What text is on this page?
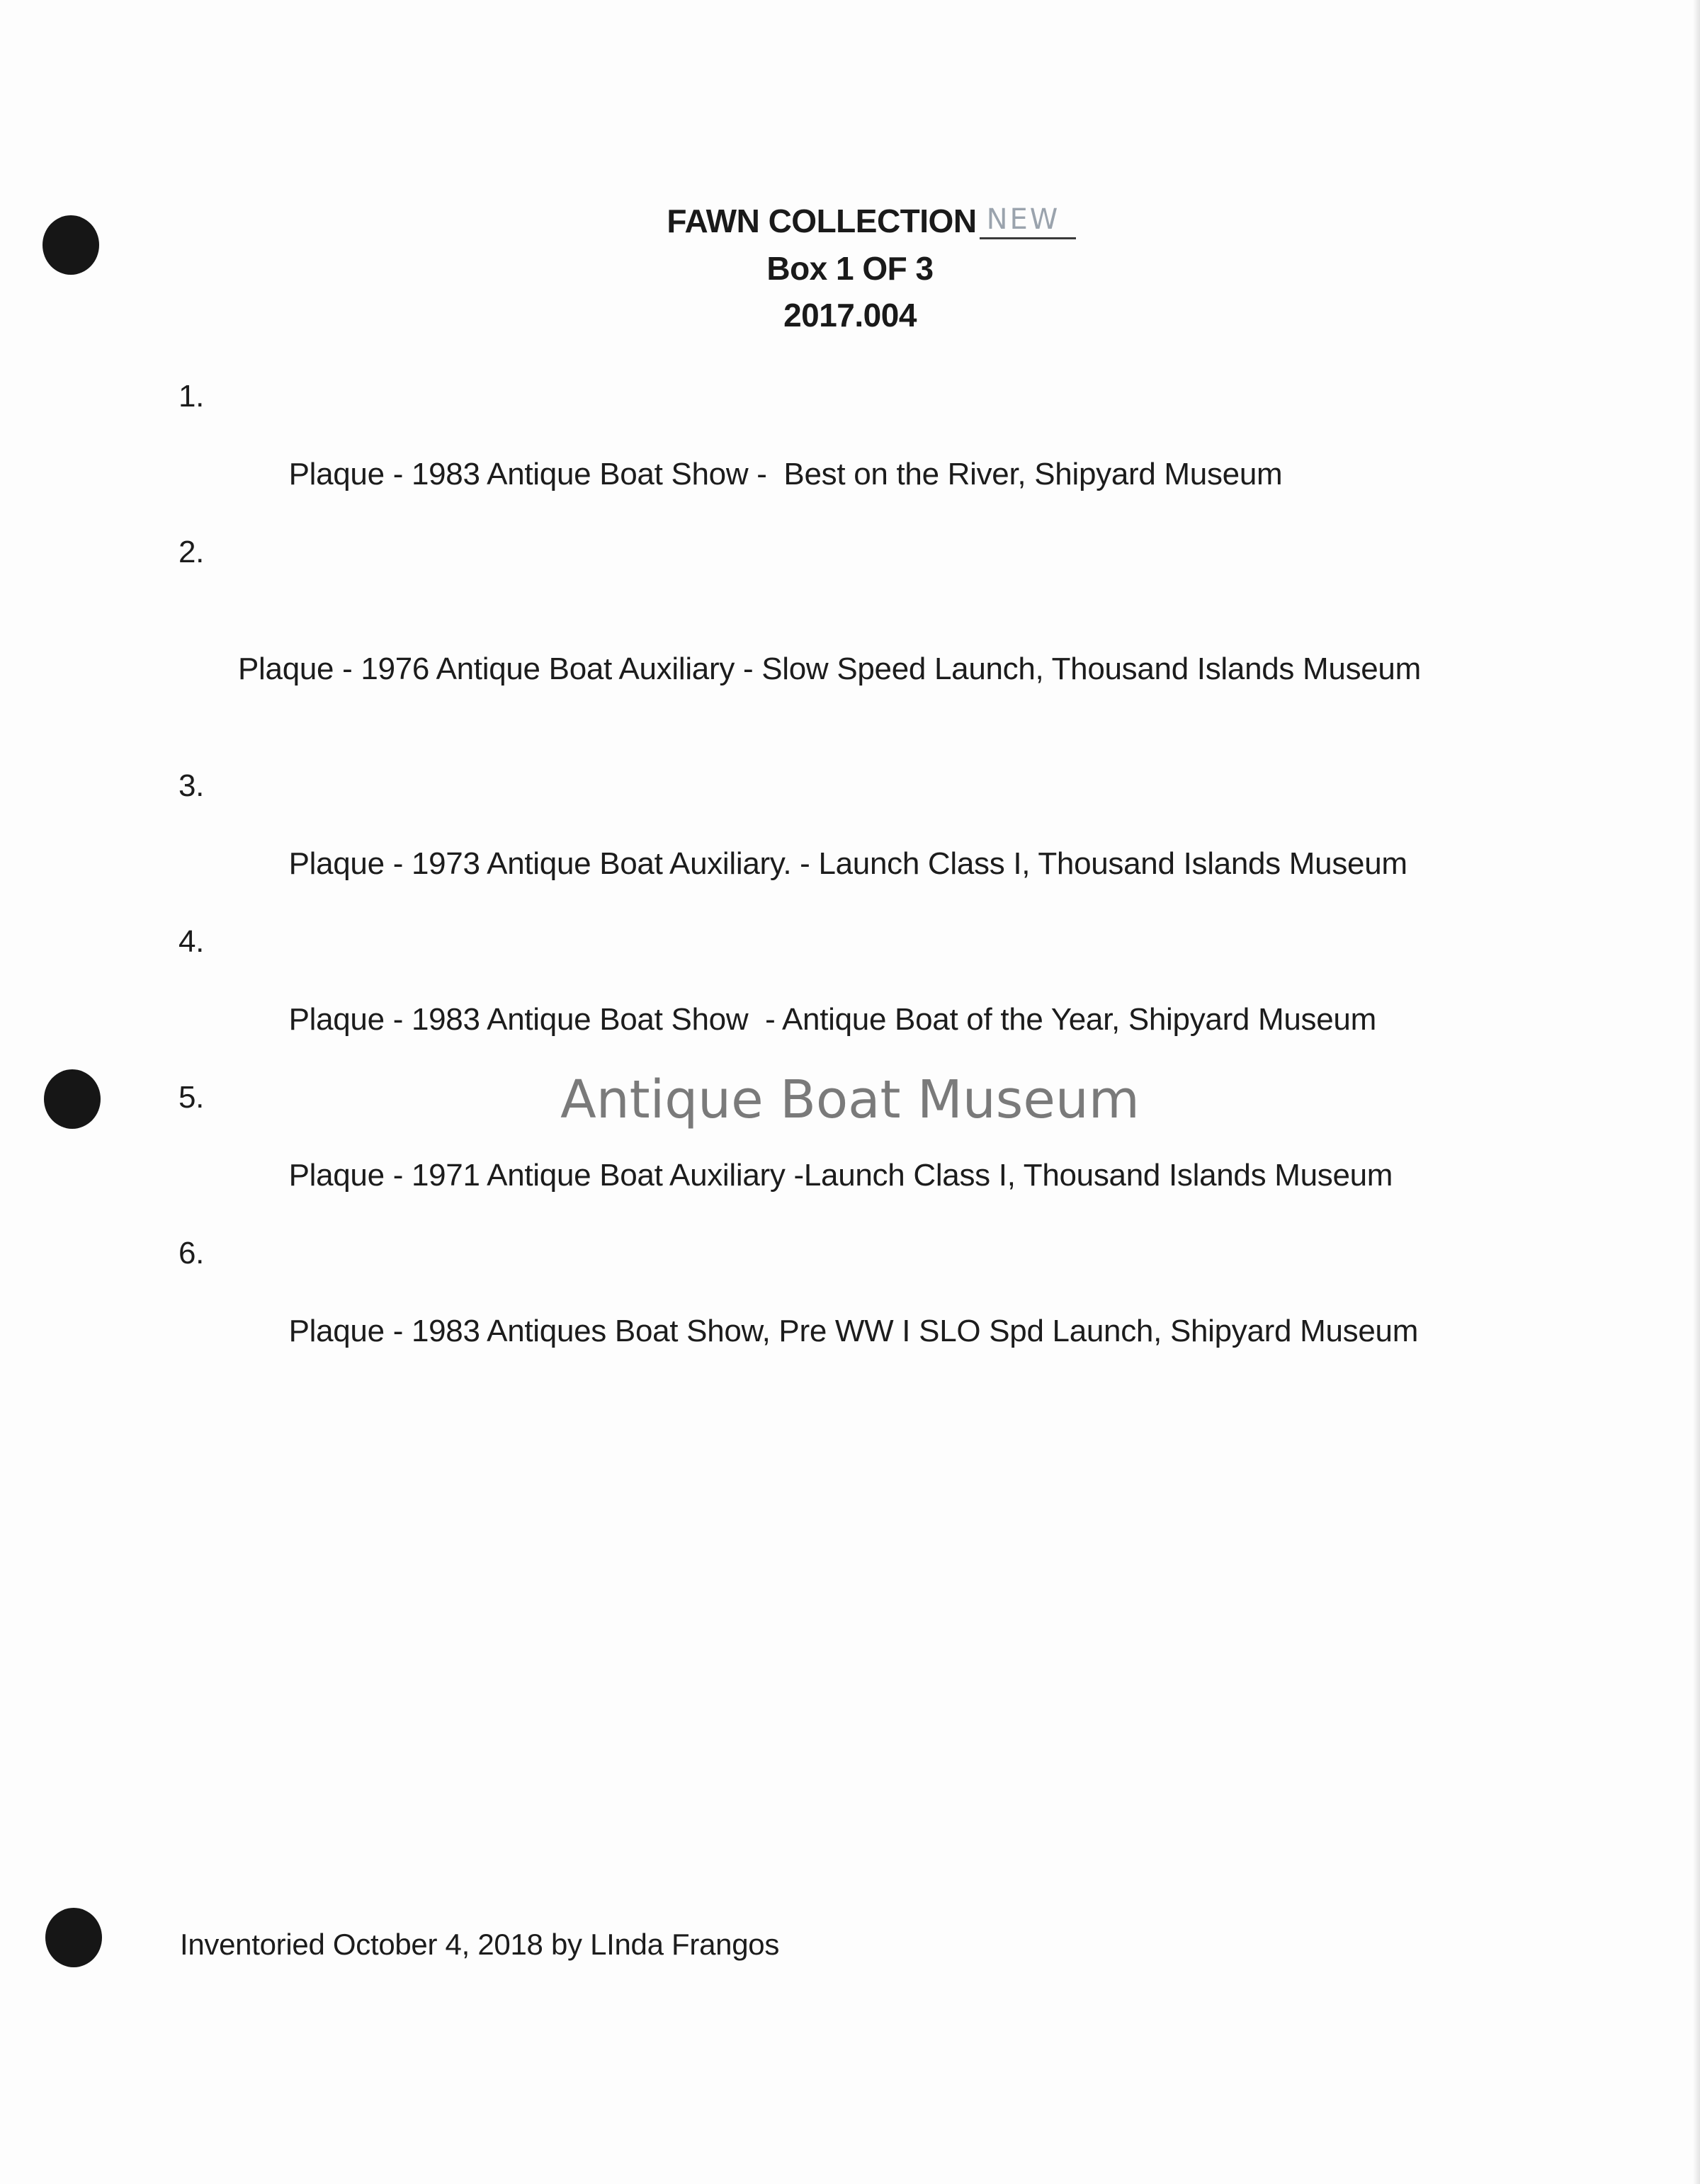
FAWN COLLECTION NEW
Box 1 OF 3
2017.004

1.

Plaque - 1983 Antique Boat Show -  Best on the River, Shipyard Museum

2.

Plaque - 1976 Antique Boat Auxiliary - Slow Speed Launch, Thousand Islands Museum

3.

Plaque - 1973 Antique Boat Auxiliary. - Launch Class I, Thousand Islands Museum

4.

Plaque - 1983 Antique Boat Show  - Antique Boat of the Year, Shipyard Museum

5.

Plaque - 1971 Antique Boat Auxiliary -Launch Class I, Thousand Islands Museum

6.

Plaque - 1983 Antiques Boat Show, Pre WW I SLO Spd Launch, Shipyard Museum

Antique Boat Museum
Inventoried October 4, 2018 by LInda Frangos
